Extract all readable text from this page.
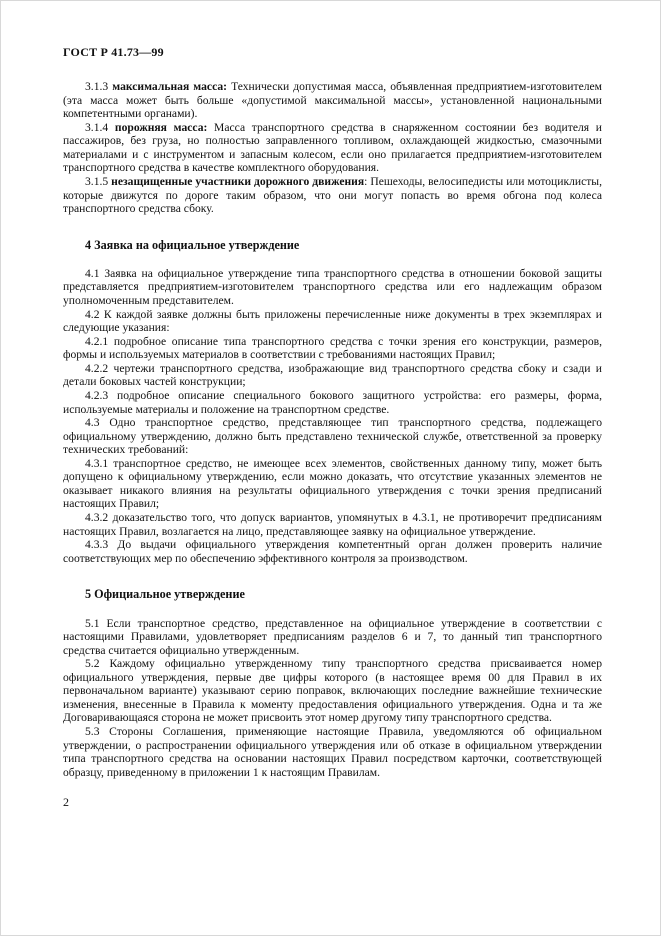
ГОСТ Р 41.73—99

3.1.3 максимальная масса: Технически допустимая масса, объявленная предприятием-изготовителем (эта масса может быть больше «допустимой максимальной массы», установленной национальными компетентными органами).

3.1.4 порожняя масса: Масса транспортного средства в снаряженном состоянии без водителя и пассажиров, без груза, но полностью заправленного топливом, охлаждающей жидкостью, смазочными материалами и с инструментом и запасным колесом, если оно прилагается предприятием-изготовителем транспортного средства в качестве комплектного оборудования.

3.1.5 незащищенные участники дорожного движения: Пешеходы, велосипедисты или мотоциклисты, которые движутся по дороге таким образом, что они могут попасть во время обгона под колеса транспортного средства сбоку.

4 Заявка на официальное утверждение

4.1 Заявка на официальное утверждение типа транспортного средства в отношении боковой защиты представляется предприятием-изготовителем транспортного средства или его надлежащим образом уполномоченным представителем.

4.2 К каждой заявке должны быть приложены перечисленные ниже документы в трех экземплярах и следующие указания:

4.2.1 подробное описание типа транспортного средства с точки зрения его конструкции, размеров, формы и используемых материалов в соответствии с требованиями настоящих Правил;

4.2.2 чертежи транспортного средства, изображающие вид транспортного средства сбоку и сзади и детали боковых частей конструкции;

4.2.3 подробное описание специального бокового защитного устройства: его размеры, форма, используемые материалы и положение на транспортном средстве.

4.3 Одно транспортное средство, представляющее тип транспортного средства, подлежащего официальному утверждению, должно быть представлено технической службе, ответственной за проверку технических требований:

4.3.1 транспортное средство, не имеющее всех элементов, свойственных данному типу, может быть допущено к официальному утверждению, если можно доказать, что отсутствие указанных элементов не оказывает никакого влияния на результаты официального утверждения с точки зрения предписаний настоящих Правил;

4.3.2 доказательство того, что допуск вариантов, упомянутых в 4.3.1, не противоречит предписаниям настоящих Правил, возлагается на лицо, представляющее заявку на официальное утверждение.

4.3.3 До выдачи официального утверждения компетентный орган должен проверить наличие соответствующих мер по обеспечению эффективного контроля за производством.

5 Официальное утверждение

5.1 Если транспортное средство, представленное на официальное утверждение в соответствии с настоящими Правилами, удовлетворяет предписаниям разделов 6 и 7, то данный тип транспортного средства считается официально утвержденным.

5.2 Каждому официально утвержденному типу транспортного средства присваивается номер официального утверждения, первые две цифры которого (в настоящее время 00 для Правил в их первоначальном варианте) указывают серию поправок, включающих последние важнейшие технические изменения, внесенные в Правила к моменту предоставления официального утверждения. Одна и та же Договаривающаяся сторона не может присвоить этот номер другому типу транспортного средства.

5.3 Стороны Соглашения, применяющие настоящие Правила, уведомляются об официальном утверждении, о распространении официального утверждения или об отказе в официальном утверждении типа транспортного средства на основании настоящих Правил посредством карточки, соответствующей образцу, приведенному в приложении 1 к настоящим Правилам.

2
